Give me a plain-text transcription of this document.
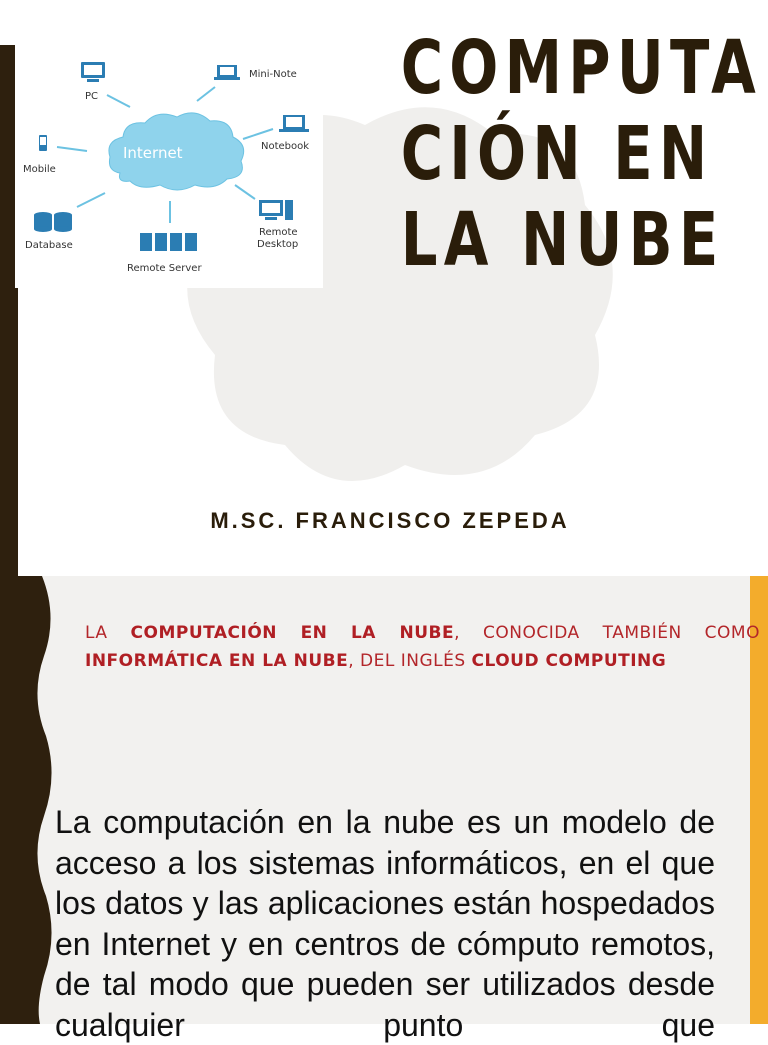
Internet
PC
Mini-Note
Notebook
Mobile
Database
Remote Server
Remote
Desktop
COMPUTA
CIÓN EN
LA NUBE
M.SC. FRANCISCO ZEPEDA

LA COMPUTACIÓN EN LA NUBE, CONOCIDA TAMBIÉN COMO INFORMÁTICA EN LA NUBE, DEL INGLÉS CLOUD COMPUTING

La computación en la nube es un modelo de acceso a los sistemas informáticos, en el que los datos y las aplicaciones están hospedados en Internet y en centros de cómputo remotos, de tal modo que pueden ser utilizados desde cualquier punto que
